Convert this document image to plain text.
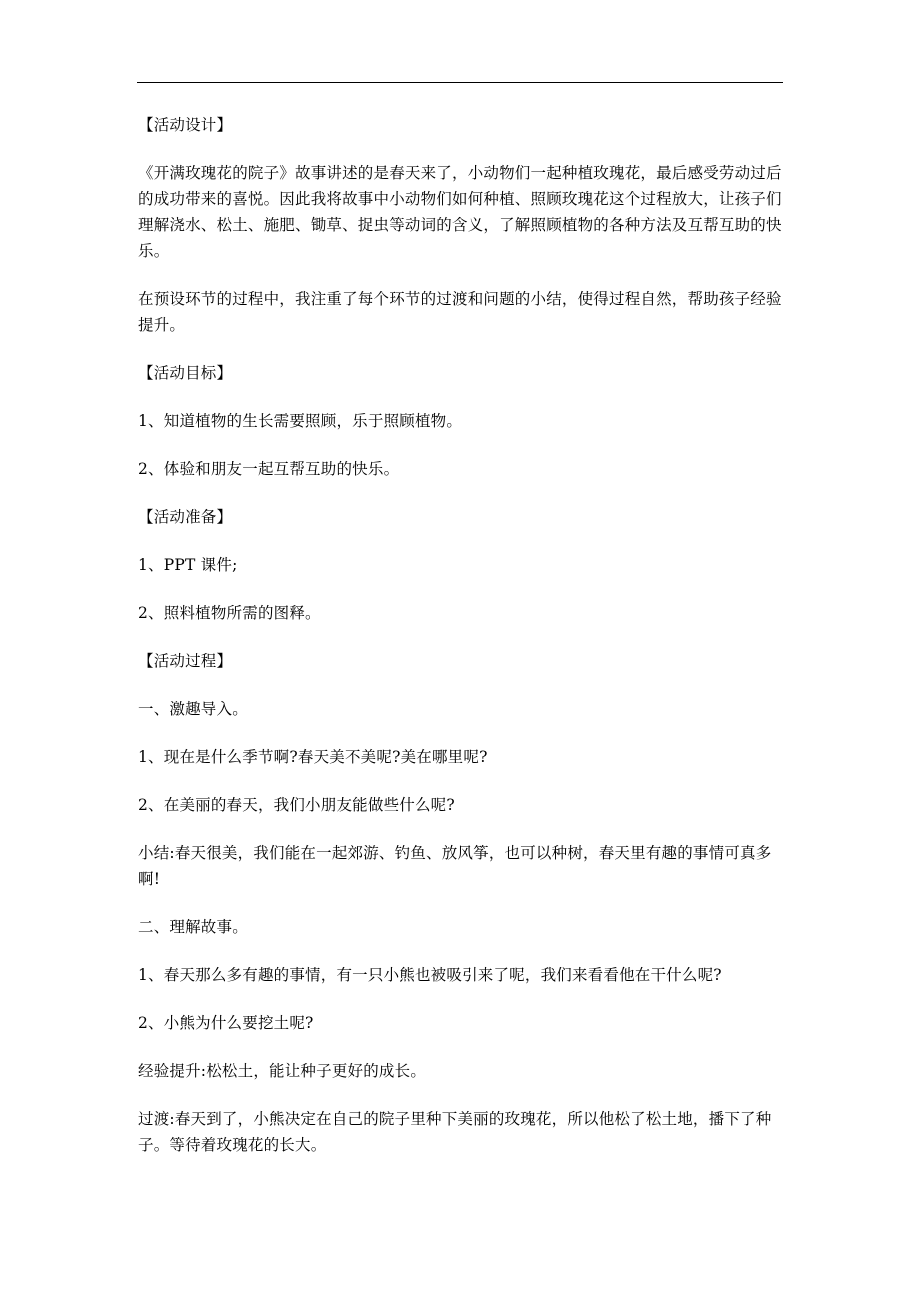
【活动设计】

《开满玫瑰花的院子》故事讲述的是春天来了，小动物们一起种植玫瑰花，最后感受劳动过后的成功带来的喜悦。因此我将故事中小动物们如何种植、照顾玫瑰花这个过程放大，让孩子们理解浇水、松土、施肥、锄草、捉虫等动词的含义，了解照顾植物的各种方法及互帮互助的快乐。

在预设环节的过程中，我注重了每个环节的过渡和问题的小结，使得过程自然，帮助孩子经验提升。

【活动目标】

1、知道植物的生长需要照顾，乐于照顾植物。

2、体验和朋友一起互帮互助的快乐。

【活动准备】

1、PPT 课件;

2、照料植物所需的图释。

【活动过程】

一、激趣导入。

1、现在是什么季节啊?春天美不美呢?美在哪里呢?

2、在美丽的春天，我们小朋友能做些什么呢?

小结:春天很美，我们能在一起郊游、钓鱼、放风筝，也可以种树，春天里有趣的事情可真多啊!

二、理解故事。

1、春天那么多有趣的事情，有一只小熊也被吸引来了呢，我们来看看他在干什么呢?

2、小熊为什么要挖土呢?

经验提升:松松土，能让种子更好的成长。

过渡:春天到了，小熊决定在自己的院子里种下美丽的玫瑰花，所以他松了松土地，播下了种子。等待着玫瑰花的长大。
